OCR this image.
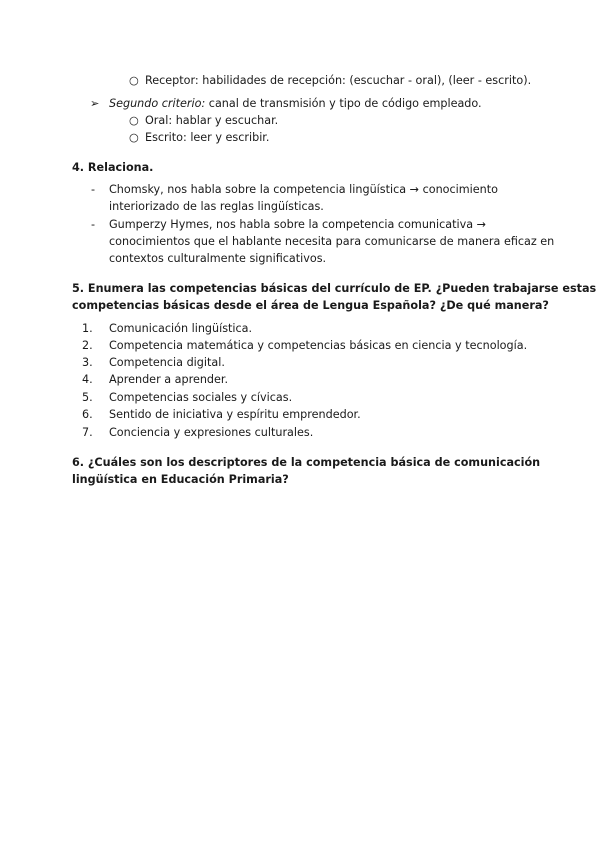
○ Receptor: habilidades de recepción: (escuchar - oral), (leer - escrito).
➢ Segundo criterio: canal de transmisión y tipo de código empleado.
○ Oral: hablar y escuchar.
○ Escrito: leer y escribir.
4. Relaciona.
- Chomsky, nos habla sobre la competencia lingüística → conocimiento
interiorizado de las reglas lingüísticas.
- Gumperzy Hymes, nos habla sobre la competencia comunicativa →
conocimientos que el hablante necesita para comunicarse de manera eficaz en
contextos culturalmente significativos.
5. Enumera las competencias básicas del currículo de EP. ¿Pueden trabajarse estas
competencias básicas desde el área de Lengua Española? ¿De qué manera?
1. Comunicación lingüística.
2. Competencia matemática y competencias básicas en ciencia y tecnología.
3. Competencia digital.
4. Aprender a aprender.
5. Competencias sociales y cívicas.
6. Sentido de iniciativa y espíritu emprendedor.
7. Conciencia y expresiones culturales.
6. ¿Cuáles son los descriptores de la competencia básica de comunicación
lingüística en Educación Primaria?
